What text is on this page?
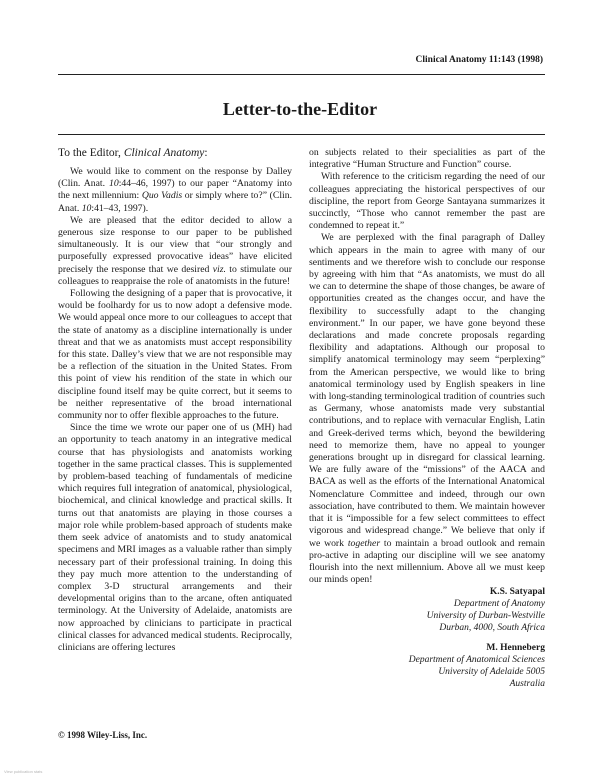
Clinical Anatomy 11:143 (1998)
Letter-to-the-Editor
To the Editor, Clinical Anatomy:

We would like to comment on the response by Dalley (Clin. Anat. 10:44–46, 1997) to our paper “Anatomy into the next millennium: Quo Vadis or simply where to?” (Clin. Anat. 10:41–43, 1997).

We are pleased that the editor decided to allow a generous size response to our paper to be published simultaneously. It is our view that “our strongly and purposefully expressed provocative ideas” have elicited precisely the response that we desired viz. to stimulate our colleagues to reappraise the role of anatomists in the future!

Following the designing of a paper that is provocative, it would be foolhardy for us to now adopt a defensive mode. We would appeal once more to our colleagues to accept that the state of anatomy as a discipline internationally is under threat and that we as anatomists must accept responsibility for this state. Dalley’s view that we are not responsible may be a reflection of the situation in the United States. From this point of view his rendition of the state in which our discipline found itself may be quite correct, but it seems to be neither representative of the broad international community nor to offer flexible approaches to the future.

Since the time we wrote our paper one of us (MH) had an opportunity to teach anatomy in an integrative medical course that has physiologists and anatomists working together in the same practical classes. This is supplemented by problem-based teaching of fundamentals of medicine which requires full integration of anatomical, physiological, biochemical, and clinical knowledge and practical skills. It turns out that anatomists are playing in those courses a major role while problem-based approach of students make them seek advice of anatomists and to study anatomical specimens and MRI images as a valuable rather than simply necessary part of their professional training. In doing this they pay much more attention to the understanding of complex 3-D structural arrangements and their developmental origins than to the arcane, often antiquated terminology. At the University of Adelaide, anatomists are now approached by clinicians to participate in practical clinical classes for advanced medical students. Reciprocally, clinicians are offering lectures

on subjects related to their specialities as part of the integrative “Human Structure and Function” course.

With reference to the criticism regarding the need of our colleagues appreciating the historical perspectives of our discipline, the report from George Santayana summarizes it succinctly, “Those who cannot remember the past are condemned to repeat it.”

We are perplexed with the final paragraph of Dalley which appears in the main to agree with many of our sentiments and we therefore wish to conclude our response by agreeing with him that “As anatomists, we must do all we can to determine the shape of those changes, be aware of opportunities created as the changes occur, and have the flexibility to successfully adapt to the changing environment.” In our paper, we have gone beyond these declarations and made concrete proposals regarding flexibility and adaptations. Although our proposal to simplify anatomical terminology may seem “perplexing” from the American perspective, we would like to bring anatomical terminology used by English speakers in line with long-standing terminological tradition of countries such as Germany, whose anatomists made very substantial contributions, and to replace with vernacular English, Latin and Greek-derived terms which, beyond the bewildering need to memorize them, have no appeal to younger generations brought up in disregard for classical learning. We are fully aware of the “missions” of the AACA and BACA as well as the efforts of the International Anatomical Nomenclature Committee and indeed, through our own association, have contributed to them. We maintain however that it is “impossible for a few select committees to effect vigorous and widespread change.” We believe that only if we work together to maintain a broad outlook and remain pro-active in adapting our discipline will we see anatomy flourish into the next millennium. Above all we must keep our minds open!

K.S. Satyapal

Department of Anatomy

University of Durban-Westville

Durban, 4000, South Africa

M. Henneberg

Department of Anatomical Sciences

University of Adelaide 5005

Australia

© 1998 Wiley-Liss, Inc.
View publication stats
